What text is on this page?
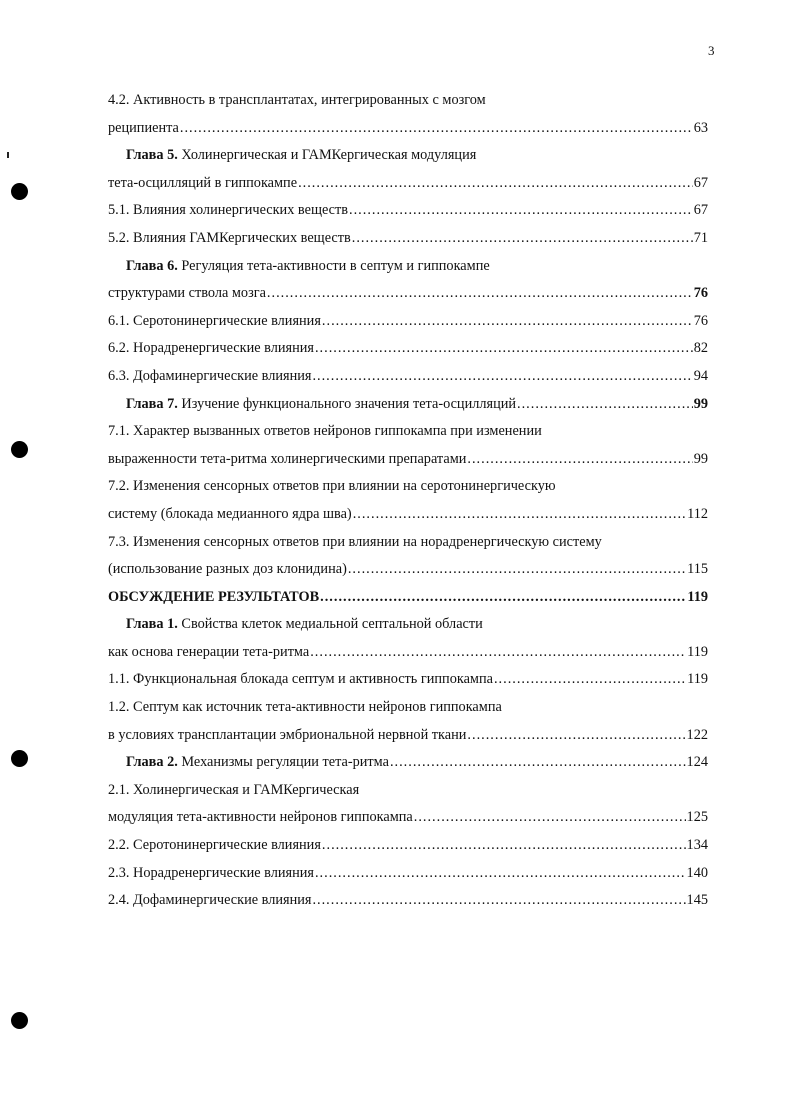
3
4.2. Активность в трансплантатах, интегрированных с мозгом
реципиента .....	63
Глава 5. Холинергическая и ГАМКергическая модуляция
тета-осцилляций в гиппокампе .....	67
5.1. Влияния холинергических веществ .....	67
5.2. Влияния ГАМКергических веществ .....	71
Глава 6. Регуляция тета-активности в септум и гиппокампе
структурами ствола мозга .....	76
6.1. Серотонинергические влияния .....	76
6.2. Норадренергические влияния .....	82
6.3. Дофаминергические влияния .....	94
Глава 7. Изучение функционального значения тета-осцилляций .....	99
7.1. Характер вызванных ответов нейронов гиппокампа при изменении
выраженности тета-ритма холинергическими препаратами .....	99
7.2. Изменения сенсорных ответов при влиянии на серотонинергическую
систему (блокада медианного ядра шва) .....	112
7.3. Изменения сенсорных ответов при влиянии на норадренергическую систему
(использование разных доз клонидина) .....	115
ОБСУЖДЕНИЕ РЕЗУЛЬТАТОВ .....	119
Глава 1. Свойства клеток медиальной септальной области
как основа генерации тета-ритма .....	119
1.1. Функциональная блокада септум и активность гиппокампа .....	119
1.2. Септум как источник тета-активности нейронов гиппокампа
в условиях трансплантации эмбриональной нервной ткани .....	122
Глава 2. Механизмы регуляции тета-ритма .....	124
2.1. Холинергическая и ГАМКергическая
модуляция тета-активности нейронов гиппокампа .....	125
2.2. Серотонинергические влияния .....	134
2.3. Норадренергические влияния .....	140
2.4. Дофаминергические влияния .....	145
